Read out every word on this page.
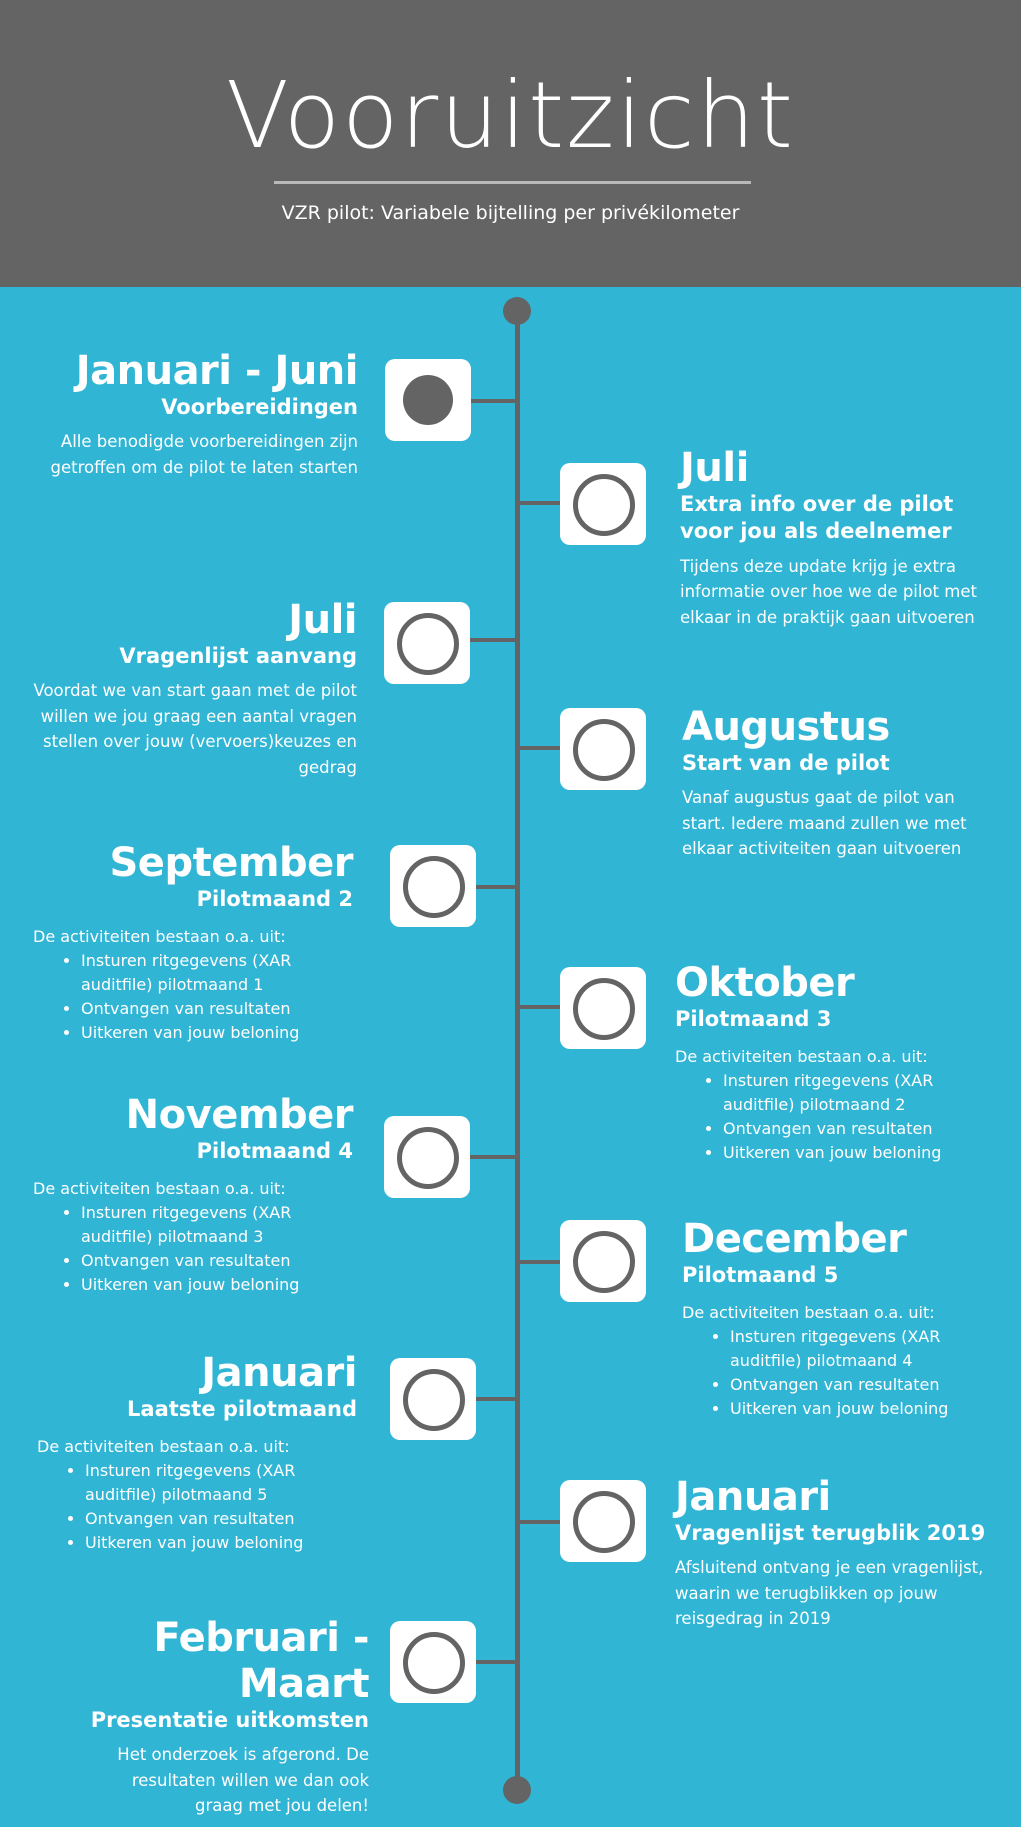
Vooruitzicht
VZR pilot: Variabele bijtelling per privékilometer
Januari - Juni
Voorbereidingen
Alle benodigde voorbereidingen zijn getroffen om de pilot te laten starten	Juli
Extra info over de pilot voor jou als deelnemer
Tijdens deze update krijg je extra informatie over hoe we de pilot met elkaar in de praktijk gaan uitvoeren
Juli
Vragenlijst aanvang
Voordat we van start gaan met de pilot willen we jou graag een aantal vragen stellen over jouw (vervoers)keuzes en gedrag
Augustus
Start van de pilot
Vanaf augustus gaat de pilot van start. Iedere maand zullen we met elkaar activiteiten gaan uitvoeren
September
Pilotmaand 2
De activiteiten bestaan o.a. uit:
• Insturen ritgegevens (XAR auditfile) pilotmaand 1
• Ontvangen van resultaten
• Uitkeren van jouw beloning
Oktober
Pilotmaand 3
De activiteiten bestaan o.a. uit:
• Insturen ritgegevens (XAR auditfile) pilotmaand 2
• Ontvangen van resultaten
• Uitkeren van jouw beloning
November
Pilotmaand 4
De activiteiten bestaan o.a. uit:
• Insturen ritgegevens (XAR auditfile) pilotmaand 3
• Ontvangen van resultaten
• Uitkeren van jouw beloning
December
Pilotmaand 5
De activiteiten bestaan o.a. uit:
• Insturen ritgegevens (XAR auditfile) pilotmaand 4
• Ontvangen van resultaten
• Uitkeren van jouw beloning
Januari
Laatste pilotmaand
De activiteiten bestaan o.a. uit:
• Insturen ritgegevens (XAR auditfile) pilotmaand 5
• Ontvangen van resultaten
• Uitkeren van jouw beloning
Januari
Vragenlijst terugblik 2019
Afsluitend ontvang je een vragenlijst, waarin we terugblikken op jouw reisgedrag in 2019
Februari - Maart
Presentatie uitkomsten
Het onderzoek is afgerond. De resultaten willen we dan ook graag met jou delen!
